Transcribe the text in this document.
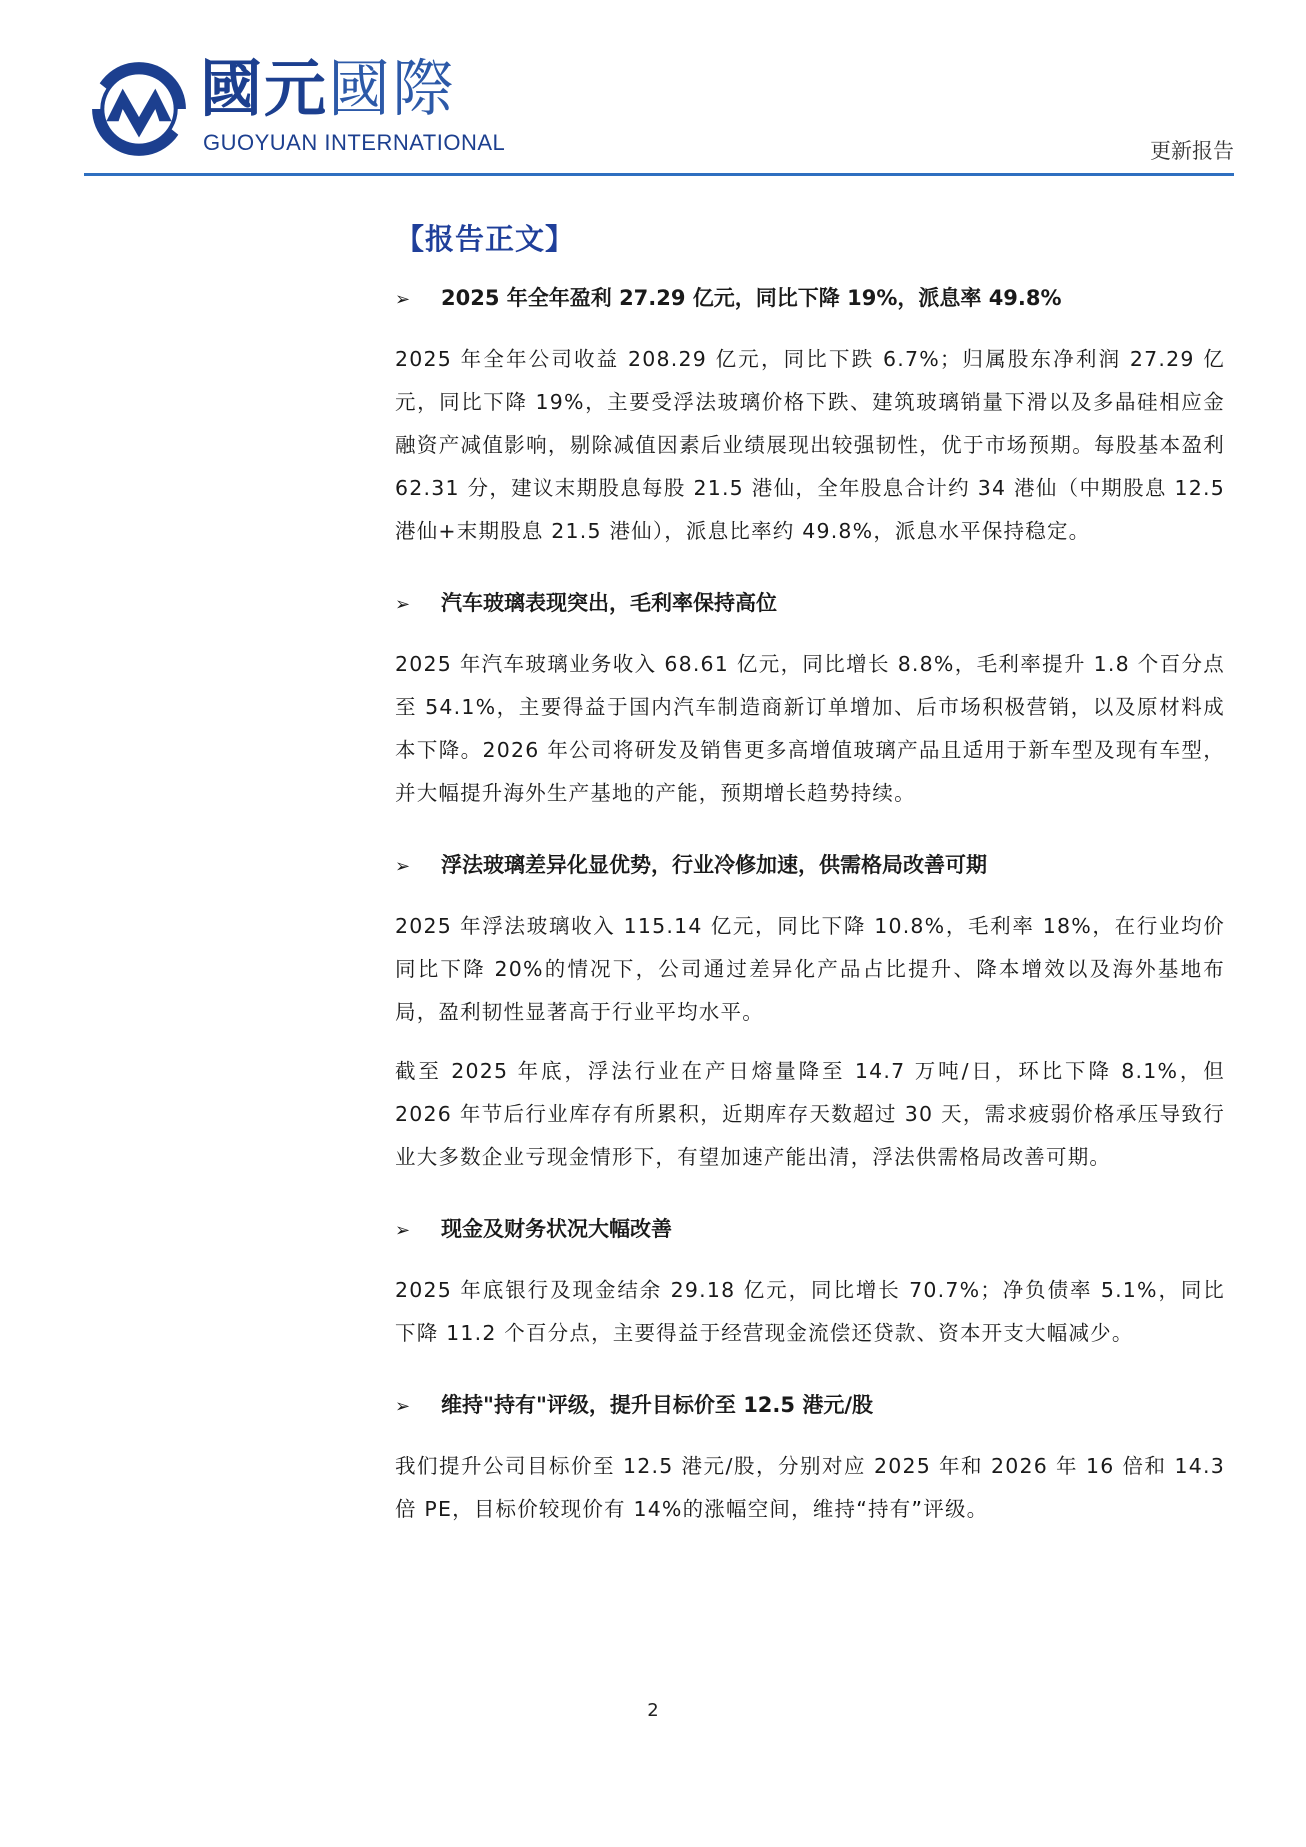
國元國際
GUOYUAN INTERNATIONAL	更新报告
【报告正文】
➢	2025 年全年盈利 27.29 亿元，同比下降 19%，派息率 49.8%

2025 年全年公司收益 208.29 亿元，同比下跌 6.7%；归属股东净利润 27.29 亿元，同比下降 19%，主要受浮法玻璃价格下跌、建筑玻璃销量下滑以及多晶硅相应金融资产减值影响，剔除减值因素后业绩展现出较强韧性，优于市场预期。每股基本盈利 62.31 分，建议末期股息每股 21.5 港仙，全年股息合计约 34 港仙（中期股息 12.5 港仙+末期股息 21.5 港仙），派息比率约 49.8%，派息水平保持稳定。

➢	汽车玻璃表现突出，毛利率保持高位

2025 年汽车玻璃业务收入 68.61 亿元，同比增长 8.8%，毛利率提升 1.8 个百分点至 54.1%，主要得益于国内汽车制造商新订单增加、后市场积极营销，以及原材料成本下降。2026 年公司将研发及销售更多高增值玻璃产品且适用于新车型及现有车型，并大幅提升海外生产基地的产能，预期增长趋势持续。

➢	浮法玻璃差异化显优势，行业冷修加速，供需格局改善可期

2025 年浮法玻璃收入 115.14 亿元，同比下降 10.8%，毛利率 18%，在行业均价同比下降 20%的情况下，公司通过差异化产品占比提升、降本增效以及海外基地布局，盈利韧性显著高于行业平均水平。

截至 2025 年底，浮法行业在产日熔量降至 14.7 万吨/日，环比下降 8.1%，但 2026 年节后行业库存有所累积，近期库存天数超过 30 天，需求疲弱价格承压导致行业大多数企业亏现金情形下，有望加速产能出清，浮法供需格局改善可期。

➢	现金及财务状况大幅改善

2025 年底银行及现金结余 29.18 亿元，同比增长 70.7%；净负债率 5.1%，同比下降 11.2 个百分点，主要得益于经营现金流偿还贷款、资本开支大幅减少。

➢	维持"持有"评级，提升目标价至 12.5 港元/股

我们提升公司目标价至 12.5 港元/股，分别对应 2025 年和 2026 年 16 倍和 14.3 倍 PE，目标价较现价有 14%的涨幅空间，维持“持有”评级。

2
